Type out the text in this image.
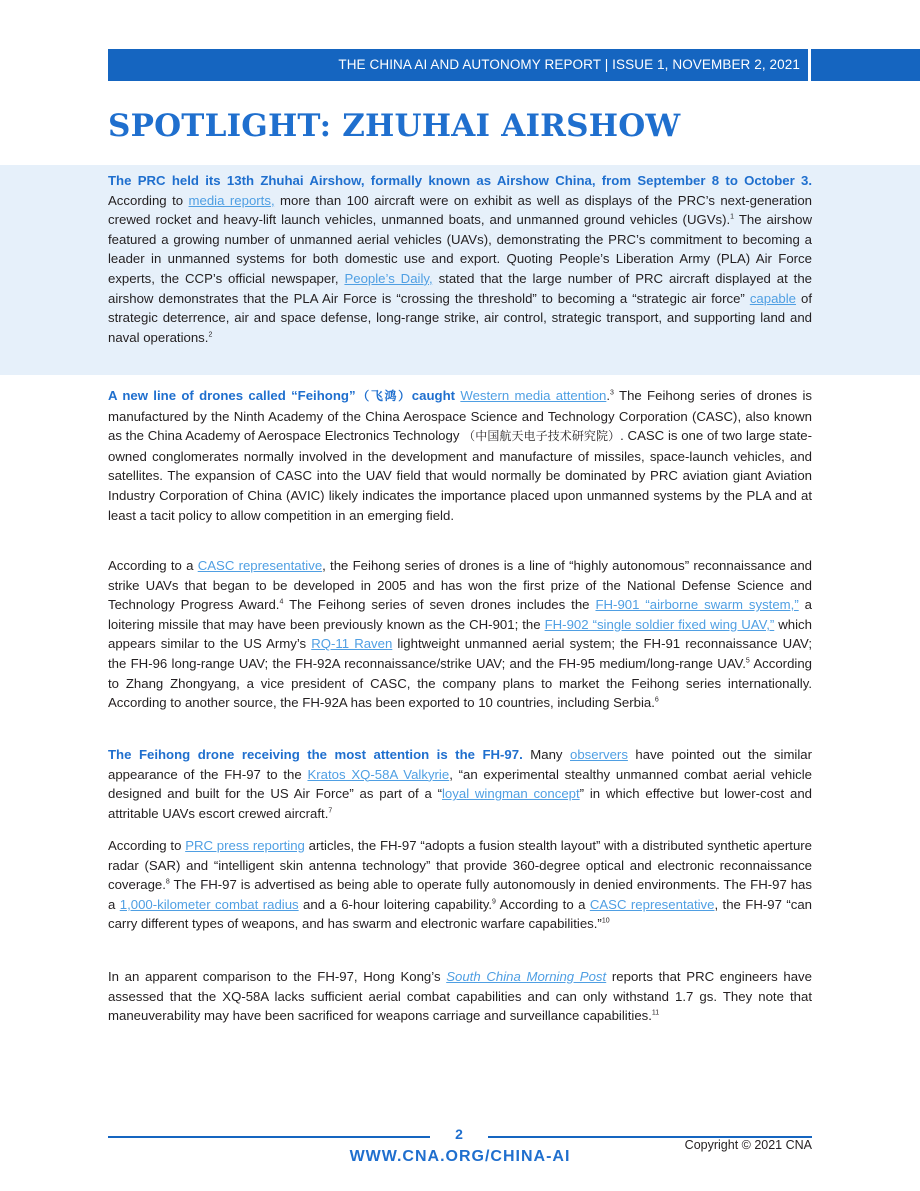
THE CHINA AI AND AUTONOMY REPORT | ISSUE 1, NOVEMBER 2, 2021
SPOTLIGHT: ZHUHAI AIRSHOW

The PRC held its 13th Zhuhai Airshow, formally known as Airshow China, from September 8 to October 3. According to media reports, more than 100 aircraft were on exhibit as well as displays of the PRC’s next-generation crewed rocket and heavy-lift launch vehicles, unmanned boats, and unmanned ground vehicles (UGVs).$^1$ The airshow featured a growing number of unmanned aerial vehicles (UAVs), demonstrating the PRC’s commitment to becoming a leader in unmanned systems for both domestic use and export. Quoting People’s Liberation Army (PLA) Air Force experts, the CCP’s official newspaper, People’s Daily, stated that the large number of PRC aircraft displayed at the airshow demonstrates that the PLA Air Force is “crossing the threshold” to becoming a “strategic air force” capable of strategic deterrence, air and space defense, long-range strike, air control, strategic transport, and supporting land and naval operations.$^2$

A new line of drones called “Feihong”（飞鸿）caught Western media attention.$^3$ The Feihong series of drones is manufactured by the Ninth Academy of the China Aerospace Science and Technology Corporation (CASC), also known as the China Academy of Aerospace Electronics Technology （中国航天电子技术研究院）. CASC is one of two large state-owned conglomerates normally involved in the development and manufacture of missiles, space-launch vehicles, and satellites. The expansion of CASC into the UAV field that would normally be dominated by PRC aviation giant Aviation Industry Corporation of China (AVIC) likely indicates the importance placed upon unmanned systems by the PLA and at least a tacit policy to allow competition in an emerging field.

According to a CASC representative, the Feihong series of drones is a line of “highly autonomous” reconnaissance and strike UAVs that began to be developed in 2005 and has won the first prize of the National Defense Science and Technology Progress Award.$^4$ The Feihong series of seven drones includes the FH-901 “airborne swarm system,” a loitering missile that may have been previously known as the CH-901; the FH-902 “single soldier fixed wing UAV,” which appears similar to the US Army’s RQ-11 Raven lightweight unmanned aerial system; the FH-91 reconnaissance UAV; the FH-96 long-range UAV; the FH-92A reconnaissance/strike UAV; and the FH-95 medium/long-range UAV.$^5$ According to Zhang Zhongyang, a vice president of CASC, the company plans to market the Feihong series internationally. According to another source, the FH-92A has been exported to 10 countries, including Serbia.$^6$

The Feihong drone receiving the most attention is the FH-97. Many observers have pointed out the similar appearance of the FH-97 to the Kratos XQ-58A Valkyrie, “an experimental stealthy unmanned combat aerial vehicle designed and built for the US Air Force” as part of a “loyal wingman concept” in which effective but lower-cost and attritable UAVs escort crewed aircraft.$^7$

According to PRC press reporting articles, the FH-97 “adopts a fusion stealth layout” with a distributed synthetic aperture radar (SAR) and “intelligent skin antenna technology” that provide 360-degree optical and electronic reconnaissance coverage.$^8$ The FH-97 is advertised as being able to operate fully autonomously in denied environments. The FH-97 has a 1,000-kilometer combat radius and a 6-hour loitering capability.$^9$ According to a CASC representative, the FH-97 “can carry different types of weapons, and has swarm and electronic warfare capabilities.”$^{10}$

In an apparent comparison to the FH-97, Hong Kong’s South China Morning Post reports that PRC engineers have assessed that the XQ-58A lacks sufficient aerial combat capabilities and can only withstand 1.7 gs. They note that maneuverability may have been sacrificed for weapons carriage and surveillance capabilities.$^{11}$

2
Copyright © 2021 CNA
WWW.CNA.ORG/CHINA-AI
